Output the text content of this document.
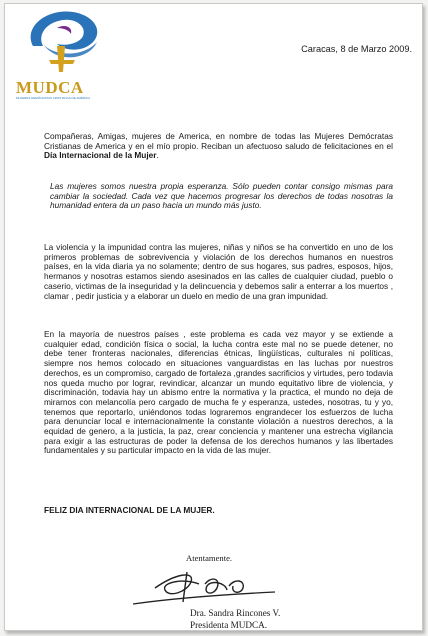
MUDCA
MUJERES DEMÓCRATAS CRISTIANAS DE AMÉRICA
Caracas, 8 de Marzo 2009.
Compañeras, Amigas, mujeres de America, en nombre de todas las Mujeres Demócratas Cristianas de America y en el mío propio. Reciban un afectuoso saludo de felicitaciones en el Día Internacional de la Mujer.
Las mujeres somos nuestra propia esperanza. Sólo pueden contar consigo mismas para cambiar la sociedad. Cada vez que hacemos progresar los derechos de todas nosotras la humanidad entera da un paso hacia un mundo más justo.
La violencia y la impunidad contra las mujeres, niñas y niños se ha convertido en uno de los primeros problemas de sobrevivencia y violación de los derechos humanos en nuestros países, en la vida diaria ya no solamente; dentro de sus hogares, sus padres, esposos, hijos, hermanos y nosotras estamos siendo asesinados en las calles de cualquier ciudad, pueblo o caserio, victimas de la inseguridad y la delincuencia y debemos salir a enterrar a los muertos , clamar , pedir justicia y a elaborar un duelo en medio de una gran impunidad.
En la mayoría de nuestros países , este problema es cada vez mayor y se extiende a cualquier edad, condición física o social, la lucha contra este mal no se puede detener, no debe tener fronteras nacionales, diferencias étnicas, lingüísticas, culturales ni políticas, siempre nos hemos colocado en situaciones vanguardistas en las luchas por nuestros derechos, es un compromiso, cargado de fortaleza ,grandes sacrificios y virtudes, pero todavia nos queda mucho por lograr, revindicar, alcanzar un mundo equitativo libre de violencia, y discriminación, todavia hay un abismo entre la normativa y la practica, el mundo no deja de mirarnos con melancolía pero cargado de mucha fe y esperanza, ustedes, nosotras, tu y yo, tenemos que reportarlo, uniéndonos todas lograremos engrandecer los esfuerzos de lucha para denunciar local e internacionalmente la constante violación a nuestros derechos, a la equidad de genero, a la justicia, la paz, crear conciencia y mantener una estrecha vigilancia para exigir a las estructuras de poder la defensa de los derechos humanos y las libertades fundamentales y su particular impacto en la vida de las mujer.
FELIZ DIA INTERNACIONAL DE LA MUJER.
Atentamente.
Dra. Sandra Rincones V.
Presidenta MUDCA.
